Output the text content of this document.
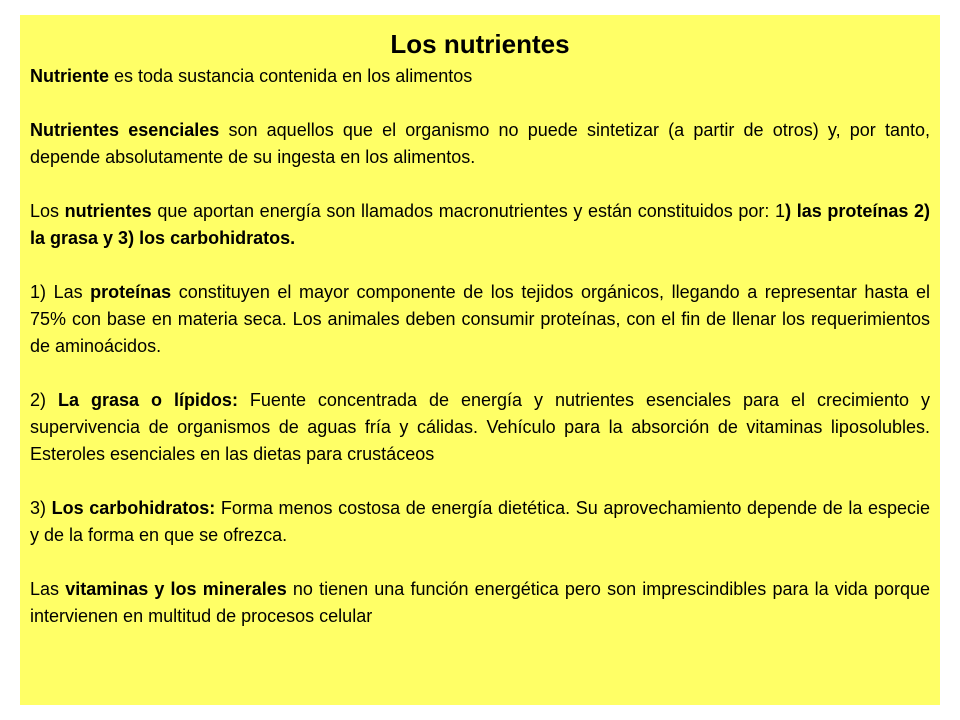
Los nutrientes

Nutriente es toda sustancia contenida en los alimentos

Nutrientes esenciales son aquellos que el organismo no puede sintetizar (a partir de otros) y, por tanto, depende absolutamente de su ingesta en los alimentos.

Los nutrientes que aportan energía son llamados macronutrientes y están constituidos por: 1) las proteínas 2) la grasa y 3) los carbohidratos.

1) Las proteínas constituyen el mayor componente de los tejidos orgánicos, llegando a representar hasta el 75% con base en materia seca. Los animales deben consumir proteínas, con el fin de llenar los requerimientos de aminoácidos.

2) La grasa o lípidos: Fuente concentrada de energía y nutrientes esenciales para el crecimiento y supervivencia de organismos de aguas fría y cálidas. Vehículo para la absorción de vitaminas liposolubles. Esteroles esenciales en las dietas para crustáceos

3) Los carbohidratos: Forma menos costosa de energía dietética. Su aprovechamiento depende de la especie y de la forma en que se ofrezca.

Las vitaminas y los minerales no tienen una función energética pero son imprescindibles para la vida porque intervienen en multitud de procesos celular
